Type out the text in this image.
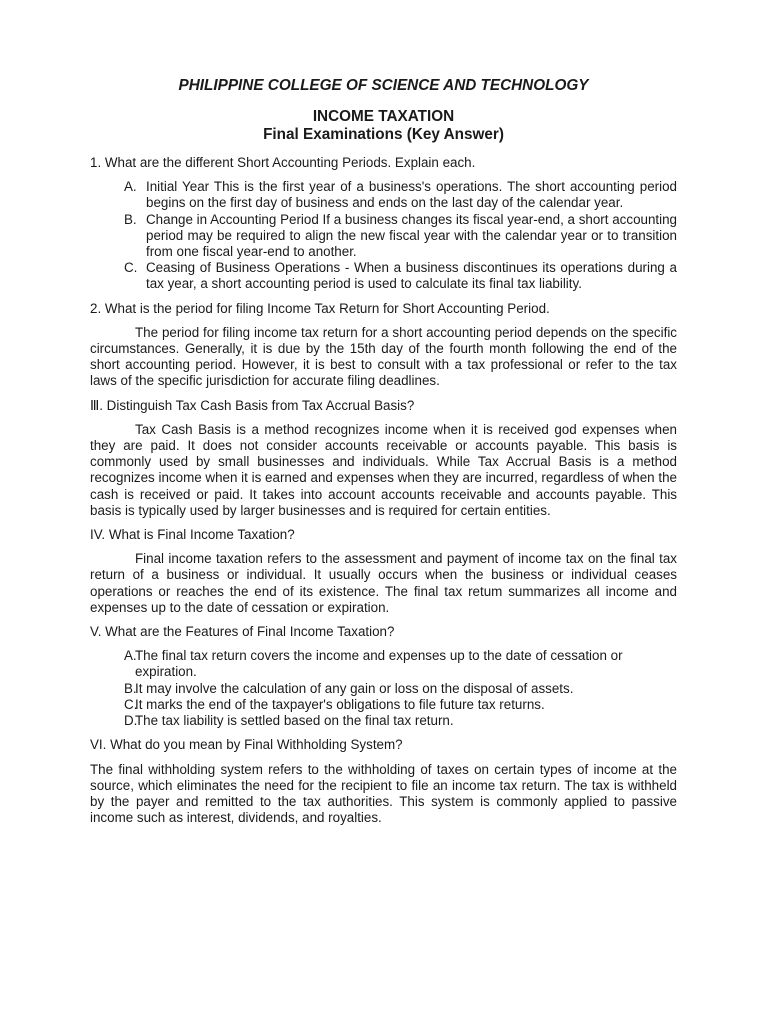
PHILIPPINE COLLEGE OF SCIENCE AND TECHNOLOGY
INCOME TAXATION
Final Examinations (Key Answer)
1. What are the different Short Accounting Periods. Explain each.
A. Initial Year This is the first year of a business's operations. The short accounting period begins on the first day of business and ends on the last day of the calendar year.
B. Change in Accounting Period If a business changes its fiscal year-end, a short accounting period may be required to align the new fiscal year with the calendar year or to transition from one fiscal year-end to another.
C. Ceasing of Business Operations - When a business discontinues its operations during a tax year, a short accounting period is used to calculate its final tax liability.
2. What is the period for filing Income Tax Return for Short Accounting Period.

The period for filing income tax return for a short accounting period depends on the specific circumstances. Generally, it is due by the 15th day of the fourth month following the end of the short accounting period. However, it is best to consult with a tax professional or refer to the tax laws of the specific jurisdiction for accurate filing deadlines.

Ⅲ. Distinguish Tax Cash Basis from Tax Accrual Basis?

Tax Cash Basis is a method recognizes income when it is received god expenses when they are paid. It does not consider accounts receivable or accounts payable. This basis is commonly used by small businesses and individuals. While Tax Accrual Basis is a method recognizes income when it is earned and expenses when they are incurred, regardless of when the cash is received or paid. It takes into account accounts receivable and accounts payable. This basis is typically used by larger businesses and is required for certain entities.

IV. What is Final Income Taxation?

Final income taxation refers to the assessment and payment of income tax on the final tax return of a business or individual. It usually occurs when the business or individual ceases operations or reaches the end of its existence. The final tax retum summarizes all income and expenses up to the date of cessation or expiration.

V. What are the Features of Final Income Taxation?
A.
The final tax return covers the income and expenses up to the date of cessation or expiration.
B.
It may involve the calculation of any gain or loss on the disposal of assets.
C.
It marks the end of the taxpayer's obligations to file future tax returns.
D.
The tax liability is settled based on the final tax return.
VI. What do you mean by Final Withholding System?

The final withholding system refers to the withholding of taxes on certain types of income at the source, which eliminates the need for the recipient to file an income tax return. The tax is withheld by the payer and remitted to the tax authorities. This system is commonly applied to passive income such as interest, dividends, and royalties.
